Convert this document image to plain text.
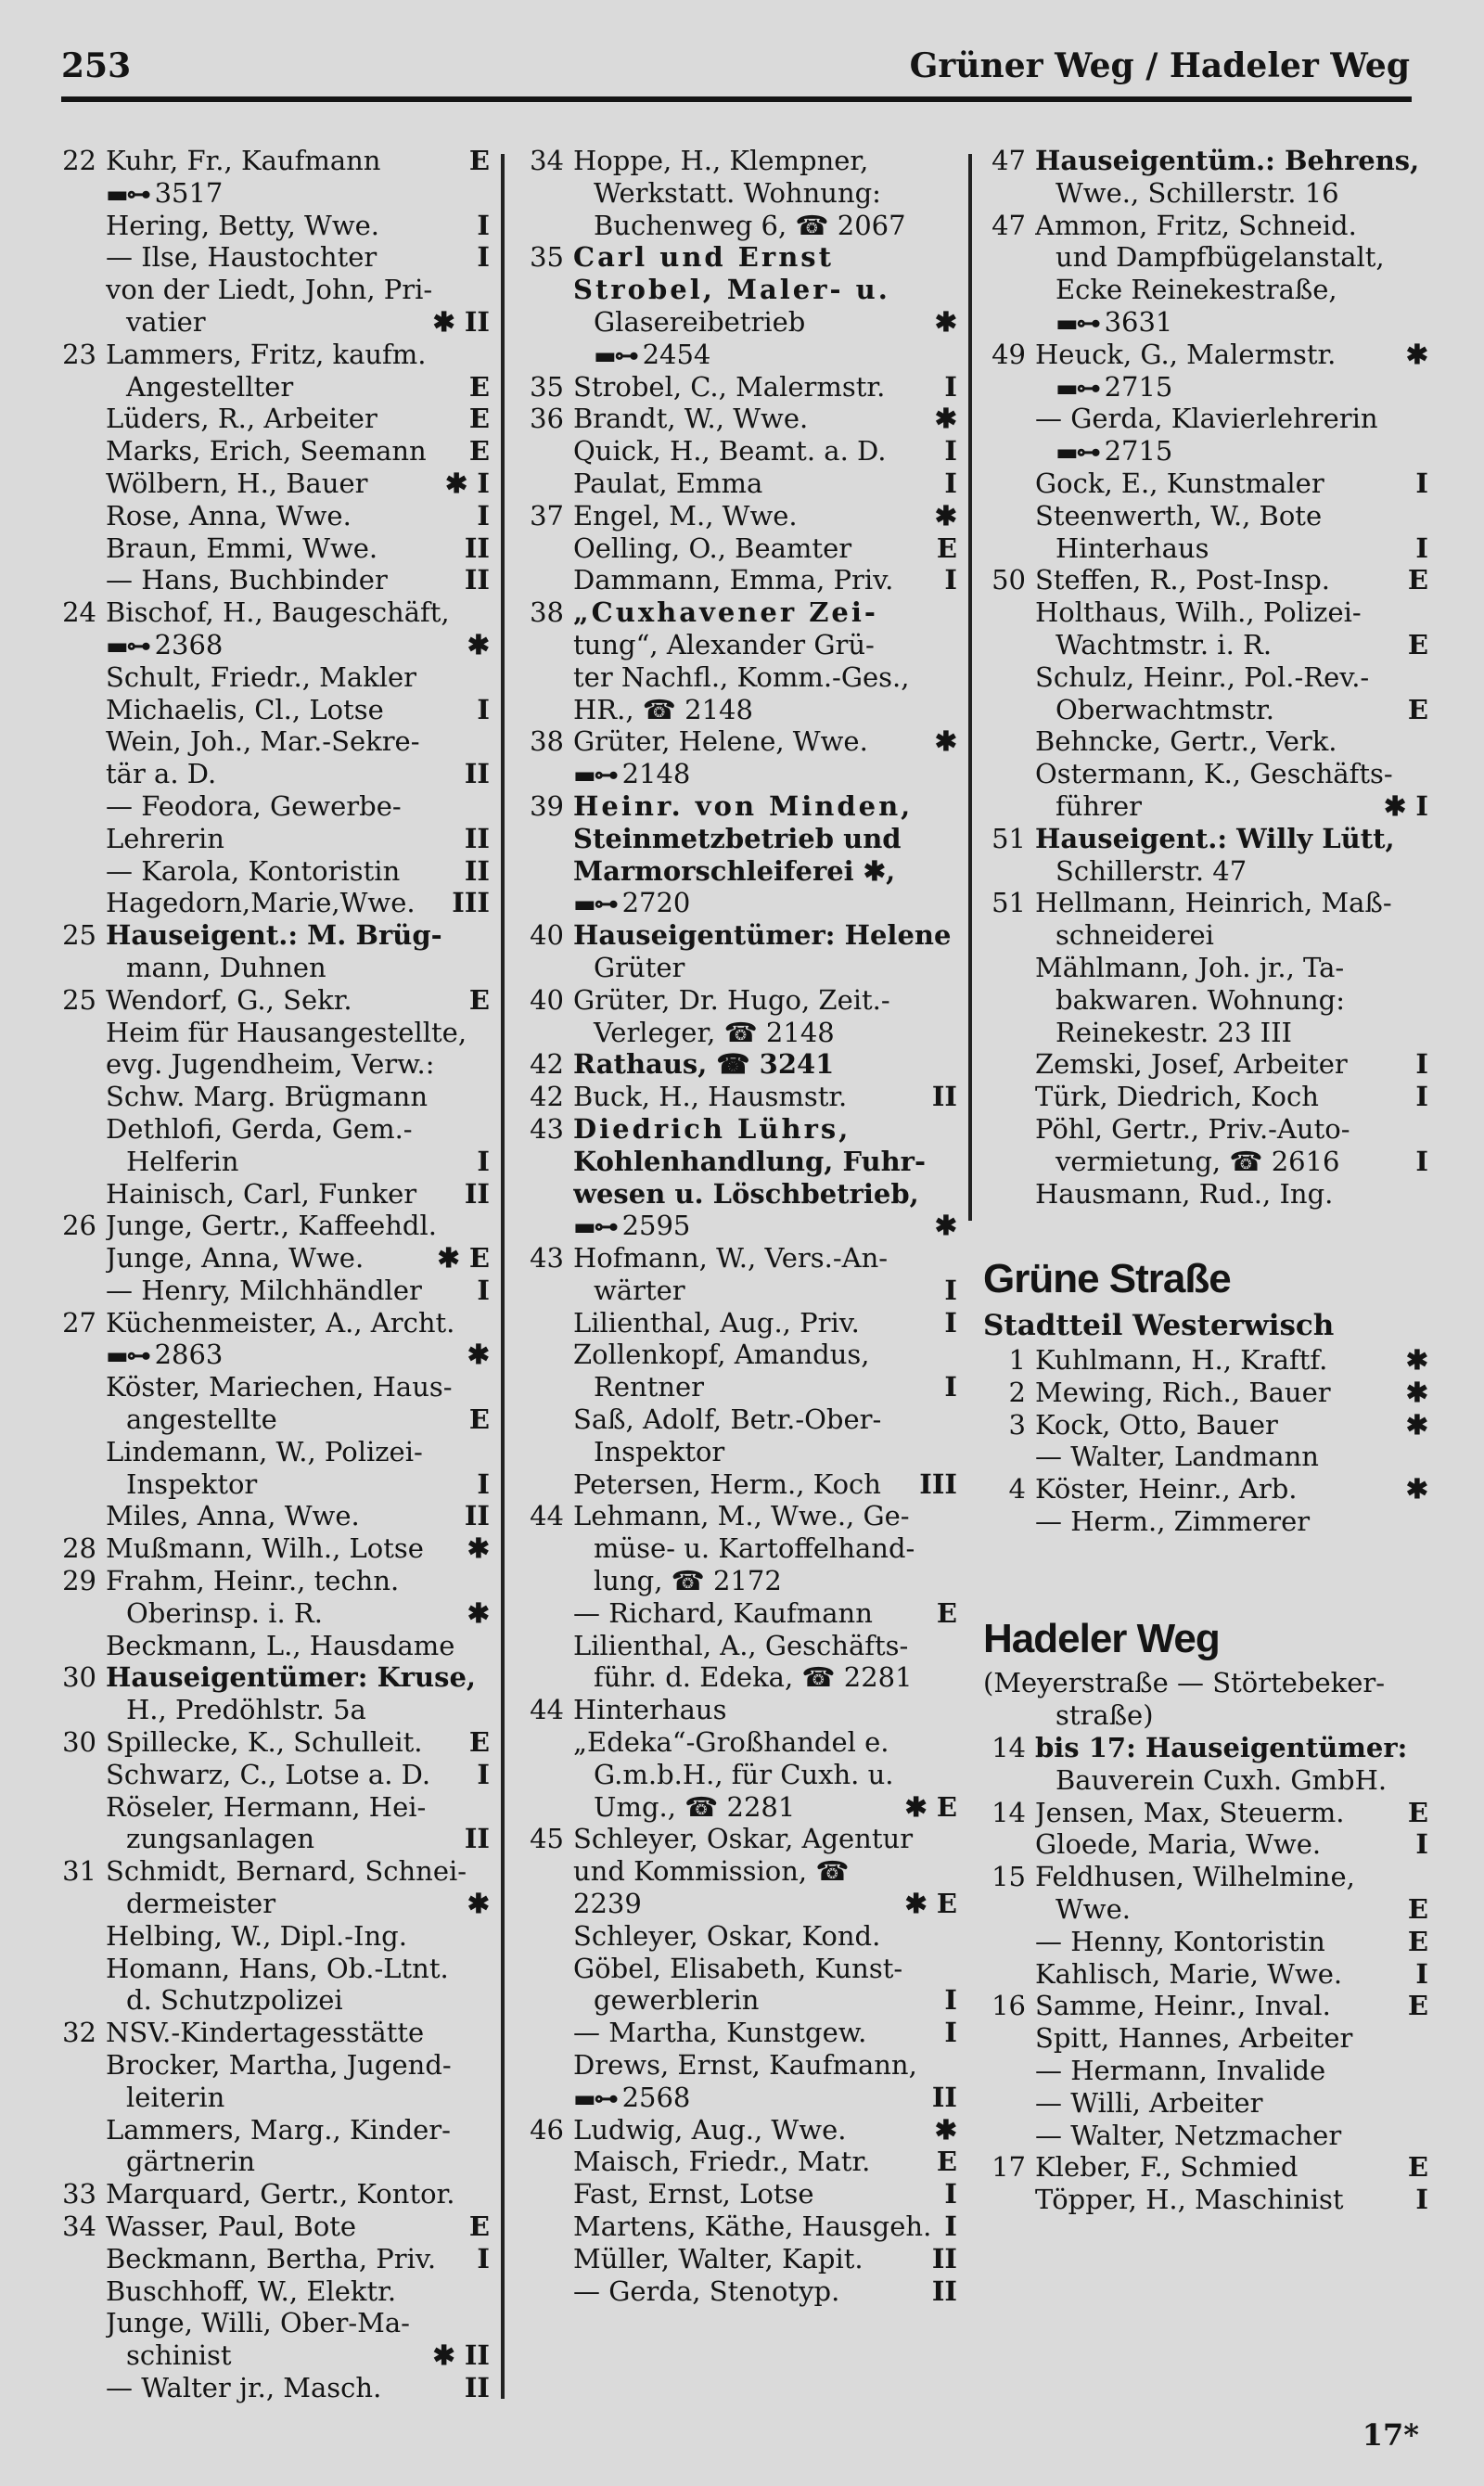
253	Grüner Weg / Hadeler Weg
22 Kuhr, Fr., Kaufmann	E
▬⊶ 3517
Hering, Betty, Wwe.	I
— Ilse, Haustochter	I
von der Liedt, John, Pri-
vatier	✱ II
23 Lammers, Fritz, kaufm.
Angestellter	E
Lüders, R., Arbeiter	E
Marks, Erich, Seemann	E
Wölbern, H., Bauer	✱ I
Rose, Anna, Wwe.	I
Braun, Emmi, Wwe.	II
— Hans, Buchbinder	II
24 Bischof, H., Baugeschäft,
▬⊶ 2368	✱
Schult, Friedr., Makler
Michaelis, Cl., Lotse	I
Wein, Joh., Mar.-Sekre-
tär a. D.	II
— Feodora, Gewerbe-
Lehrerin	II
— Karola, Kontoristin	II
Hagedorn,Marie,Wwe.	III
25 Hauseigent.: M. Brüg-
mann, Duhnen
25 Wendorf, G., Sekr.	E
Heim für Hausangestellte,
evg. Jugendheim, Verw.:
Schw. Marg. Brügmann
Dethlofi, Gerda, Gem.-
Helferin	I
Hainisch, Carl, Funker	II
26 Junge, Gertr., Kaffeehdl.
Junge, Anna, Wwe.	✱ E
— Henry, Milchhändler	I
27 Küchenmeister, A., Archt.
▬⊶ 2863	✱
Köster, Mariechen, Haus-
angestellte	E
Lindemann, W., Polizei-
Inspektor	I
Miles, Anna, Wwe.	II
28 Mußmann, Wilh., Lotse	✱
29 Frahm, Heinr., techn.
Oberinsp. i. R.	✱
Beckmann, L., Hausdame
30 Hauseigentümer: Kruse,
H., Predöhlstr. 5a
30 Spillecke, K., Schulleit.	E
Schwarz, C., Lotse a. D.	I
Röseler, Hermann, Hei-
zungsanlagen	II
31 Schmidt, Bernard, Schnei-
dermeister	✱
Helbing, W., Dipl.-Ing.
Homann, Hans, Ob.-Ltnt.
d. Schutzpolizei
32 NSV.-Kindertagesstätte
Brocker, Martha, Jugend-
leiterin
Lammers, Marg., Kinder-
gärtnerin
33 Marquard, Gertr., Kontor.
34 Wasser, Paul, Bote	E
Beckmann, Bertha, Priv.	I
Buschhoff, W., Elektr.
Junge, Willi, Ober-Ma-
schinist	✱ II
— Walter jr., Masch.	II
34 Hoppe, H., Klempner,
Werkstatt. Wohnung:
Buchenweg 6, ☎ 2067
35 Carl und Ernst
Strobel, Maler- u.
Glasereibetrieb	✱
▬⊶ 2454
35 Strobel, C., Malermstr.	I
36 Brandt, W., Wwe.	✱
Quick, H., Beamt. a. D.	I
Paulat, Emma	I
37 Engel, M., Wwe.	✱
Oelling, O., Beamter	E
Dammann, Emma, Priv.	I
38 „Cuxhavener Zei-
tung“, Alexander Grü-
ter Nachfl., Komm.-Ges.,
HR., ☎ 2148
38 Grüter, Helene, Wwe.	✱
▬⊶ 2148
39 Heinr. von Minden,
Steinmetzbetrieb und
Marmorschleiferei ✱,
▬⊶ 2720
40 Hauseigentümer: Helene
Grüter
40 Grüter, Dr. Hugo, Zeit.-
Verleger, ☎ 2148
42 Rathaus, ☎ 3241
42 Buck, H., Hausmstr.	II
43 Diedrich Lührs,
Kohlenhandlung, Fuhr-
wesen u. Löschbetrieb,
▬⊶ 2595	✱
43 Hofmann, W., Vers.-An-
wärter	I
Lilienthal, Aug., Priv.	I
Zollenkopf, Amandus,
Rentner	I
Saß, Adolf, Betr.-Ober-
Inspektor
Petersen, Herm., Koch	III
44 Lehmann, M., Wwe., Ge-
müse- u. Kartoffelhand-
lung, ☎ 2172
— Richard, Kaufmann	E
Lilienthal, A., Geschäfts-
führ. d. Edeka, ☎ 2281
44 Hinterhaus
„Edeka“-Großhandel e.
G.m.b.H., für Cuxh. u.
Umg., ☎ 2281	✱ E
45 Schleyer, Oskar, Agentur
und Kommission, ☎
2239	✱ E
Schleyer, Oskar, Kond.
Göbel, Elisabeth, Kunst-
gewerblerin	I
— Martha, Kunstgew.	I
Drews, Ernst, Kaufmann,
▬⊶ 2568	II
46 Ludwig, Aug., Wwe.	✱
Maisch, Friedr., Matr.	E
Fast, Ernst, Lotse	I
Martens, Käthe, Hausgeh. I
Müller, Walter, Kapit.	II
— Gerda, Stenotyp.	II
47 Hauseigentüm.: Behrens,
Wwe., Schillerstr. 16
47 Ammon, Fritz, Schneid.
und Dampfbügelanstalt,
Ecke Reinekestraße,
▬⊶ 3631
49 Heuck, G., Malermstr.	✱
▬⊶ 2715
— Gerda, Klavierlehrerin
▬⊶ 2715
Gock, E., Kunstmaler	I
Steenwerth, W., Bote
Hinterhaus	I
50 Steffen, R., Post-Insp.	E
Holthaus, Wilh., Polizei-
Wachtmstr. i. R.	E
Schulz, Heinr., Pol.-Rev.-
Oberwachtmstr.	E
Behncke, Gertr., Verk.
Ostermann, K., Geschäfts-
führer	✱ I
51 Hauseigent.: Willy Lütt,
Schillerstr. 47
51 Hellmann, Heinrich, Maß-
schneiderei
Mählmann, Joh. jr., Ta-
bakwaren. Wohnung:
Reinekestr. 23 III
Zemski, Josef, Arbeiter	I
Türk, Diedrich, Koch	I
Pöhl, Gertr., Priv.-Auto-
vermietung, ☎ 2616	I
Hausmann, Rud., Ing.
Grüne Straße
Stadtteil Westerwisch
1 Kuhlmann, H., Kraftf.	✱
2 Mewing, Rich., Bauer	✱
3 Kock, Otto, Bauer	✱
— Walter, Landmann
4 Köster, Heinr., Arb.	✱
— Herm., Zimmerer
Hadeler Weg
(Meyerstraße — Störtebeker-
straße)
14 bis 17: Hauseigentümer:
Bauverein Cuxh. GmbH.
14 Jensen, Max, Steuerm.	E
Gloede, Maria, Wwe.	I
15 Feldhusen, Wilhelmine,
Wwe.	E
— Henny, Kontoristin	E
Kahlisch, Marie, Wwe.	I
16 Samme, Heinr., Inval.	E
Spitt, Hannes, Arbeiter
— Hermann, Invalide
— Willi, Arbeiter
— Walter, Netzmacher
17 Kleber, F., Schmied	E
Töpper, H., Maschinist	I
17*
